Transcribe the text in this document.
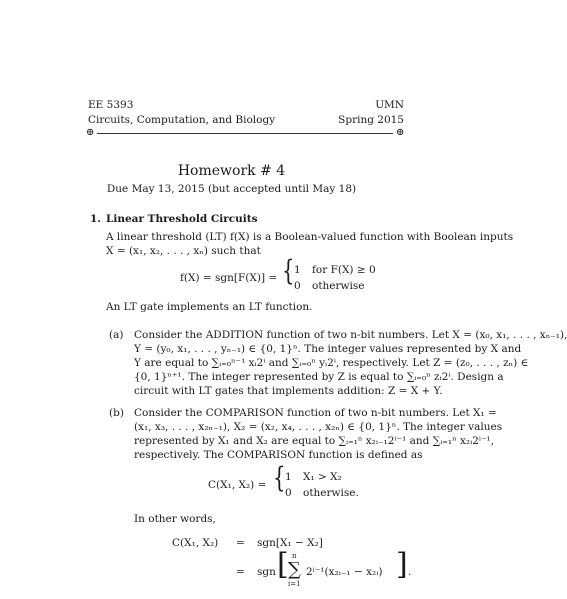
EE 5393	UMN
Circuits, Computation, and Biology	Spring 2015
⊕	⊕
Homework # 4
Due May 13, 2015 (but accepted until May 18)
1. Linear Threshold Circuits
A linear threshold (LT) f(X) is a Boolean-valued function with Boolean inputs
X = (x₁, x₂, . . . , xₙ) such that
f(X) = sgn[F(X)] = { 1 for F(X) ≥ 0
0 otherwise
An LT gate implements an LT function.
(a) Consider the ADDITION function of two n-bit numbers. Let X = (x₀, x₁, . . . , xₙ₋₁),
Y = (y₀, x₁, . . . , yₙ₋₁) ∈ {0, 1}ⁿ. The integer values represented by X and
Y are equal to ∑ᵢ₌₀ⁿ⁻¹ xᵢ2ⁱ and ∑ᵢ₌₀ⁿ yᵢ2ⁱ, respectively. Let Z = (z₀, . . . , zₙ) ∈
{0, 1}ⁿ⁺¹. The integer represented by Z is equal to ∑ᵢ₌₀ⁿ zᵢ2ⁱ. Design a
circuit with LT gates that implements addition: Z = X + Y.
(b) Consider the COMPARISON function of two n-bit numbers. Let X₁ =
(x₁, x₃, . . . , x₂ₙ₋₁), X₂ = (x₂, x₄, . . . , x₂ₙ) ∈ {0, 1}ⁿ. The integer values
represented by X₁ and X₂ are equal to ∑ᵢ₌₁ⁿ x₂ᵢ₋₁2ⁱ⁻¹ and ∑ᵢ₌₁ⁿ x₂ᵢ2ⁱ⁻¹,
respectively. The COMPARISON function is defined as
C(X₁, X₂) = { 1 X₁ > X₂
0 otherwise.
In other words,
C(X₁, X₂) = sgn[X₁ − X₂]
= sgn [ n
∑
i=1
2ⁱ⁻¹(x₂ᵢ₋₁ − x₂ᵢ) ] .
